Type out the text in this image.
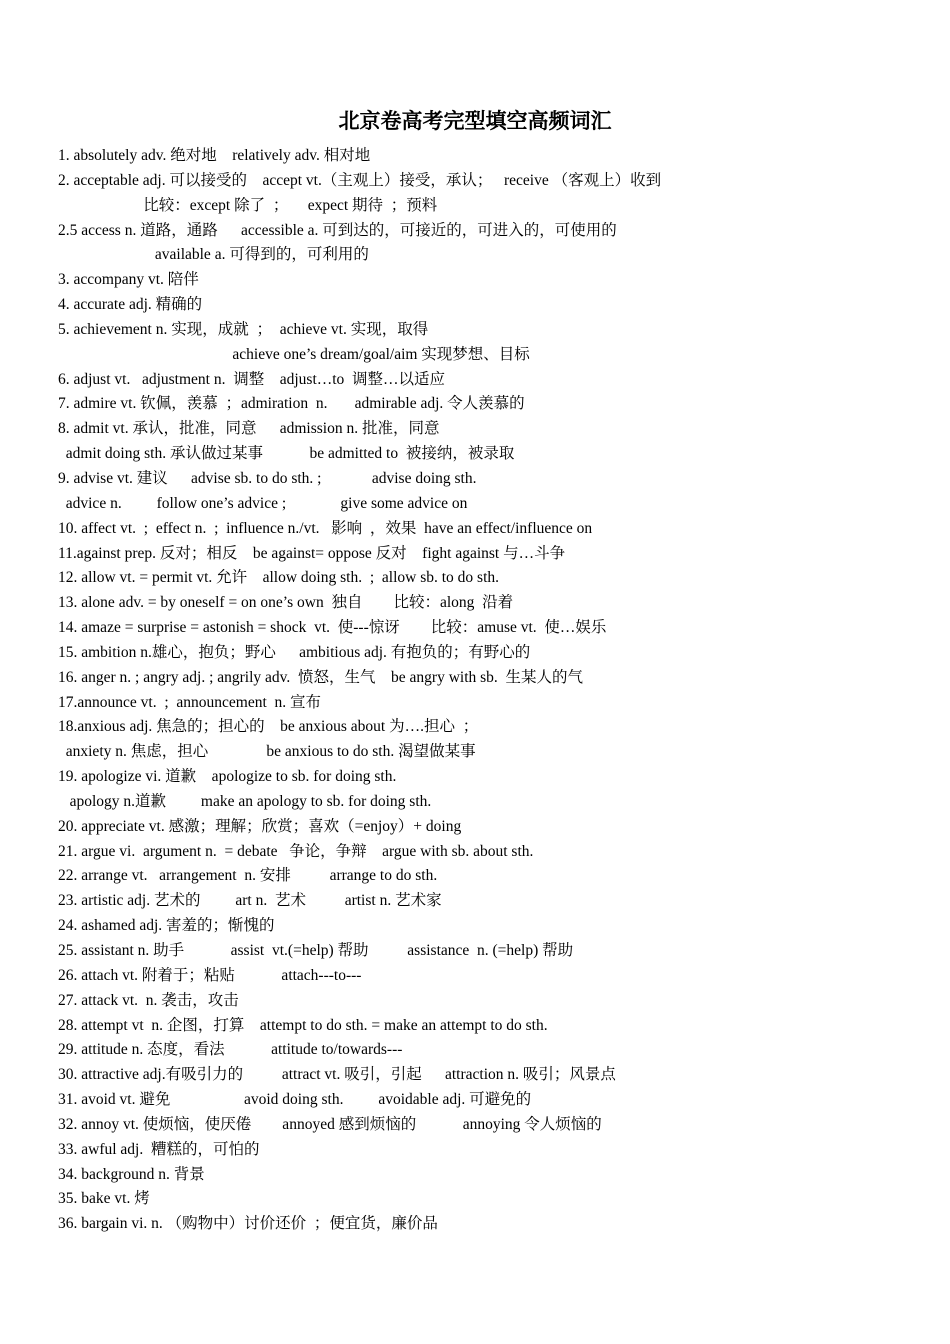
北京卷高考完型填空高频词汇
1. absolutely adv. 绝对地    relatively adv. 相对地
2. acceptable adj. 可以接受的    accept vt.（主观上）接受，承认；   receive （客观上）收到
比较：except 除了  ；     expect 期待  ；预料
2.5 access n. 道路，通路      accessible a. 可到达的，可接近的，可进入的，可使用的
available a. 可得到的，可利用的
3. accompany vt. 陪伴
4. accurate adj. 精确的
5. achievement n. 实现，成就  ；  achieve vt. 实现，取得
achieve one’s dream/goal/aim 实现梦想、目标
6. adjust vt.   adjustment n.  调整    adjust…to  调整…以适应
7. admire vt. 钦佩，羡慕  ；admiration  n.       admirable adj. 令人羡慕的
8. admit vt. 承认，批准，同意      admission n. 批准，同意
admit doing sth. 承认做过某事            be admitted to  被接纳，被录取
9. advise vt. 建议      advise sb. to do sth. ;             advise doing sth.
advice n.         follow one’s advice ;              give some advice on
10. affect vt.  ;  effect n.  ;  influence n./vt.   影响  ，效果  have an effect/influence on
11.against prep. 反对；相反    be against= oppose 反对    fight against 与…斗争
12. allow vt. = permit vt. 允许    allow doing sth.  ;  allow sb. to do sth.
13. alone adv. = by oneself = on one’s own  独自        比较：along  沿着
14. amaze = surprise = astonish = shock  vt.  使---惊讶        比较：amuse vt.  使…娱乐
15. ambition n.雄心，抱负；野心      ambitious adj. 有抱负的；有野心的
16. anger n. ; angry adj. ; angrily adv.  愤怒，生气    be angry with sb.  生某人的气
17.announce vt.  ;  announcement  n. 宣布
18.anxious adj. 焦急的；担心的    be anxious about 为….担心  ；
anxiety n. 焦虑，担心               be anxious to do sth. 渴望做某事
19. apologize vi. 道歉    apologize to sb. for doing sth.
apology n.道歉         make an apology to sb. for doing sth.
20. appreciate vt. 感激；理解；欣赏；喜欢（=enjoy）+ doing
21. argue vi.  argument n.  = debate   争论，争辩    argue with sb. about sth.
22. arrange vt.   arrangement  n. 安排          arrange to do sth.
23. artistic adj. 艺术的         art n.  艺术          artist n. 艺术家
24. ashamed adj. 害羞的；惭愧的
25. assistant n. 助手            assist  vt.(=help) 帮助          assistance  n. (=help) 帮助
26. attach vt. 附着于；粘贴            attach---to---
27. attack vt.  n. 袭击，攻击
28. attempt vt  n. 企图，打算    attempt to do sth. = make an attempt to do sth.
29. attitude n. 态度，看法            attitude to/towards---
30. attractive adj.有吸引力的          attract vt. 吸引，引起      attraction n. 吸引；风景点
31. avoid vt. 避免                   avoid doing sth.         avoidable adj. 可避免的
32. annoy vt. 使烦恼，使厌倦        annoyed 感到烦恼的            annoying 令人烦恼的
33. awful adj.  糟糕的，可怕的
34. background n. 背景
35. bake vt. 烤
36. bargain vi. n. （购物中）讨价还价  ；便宜货，廉价品
